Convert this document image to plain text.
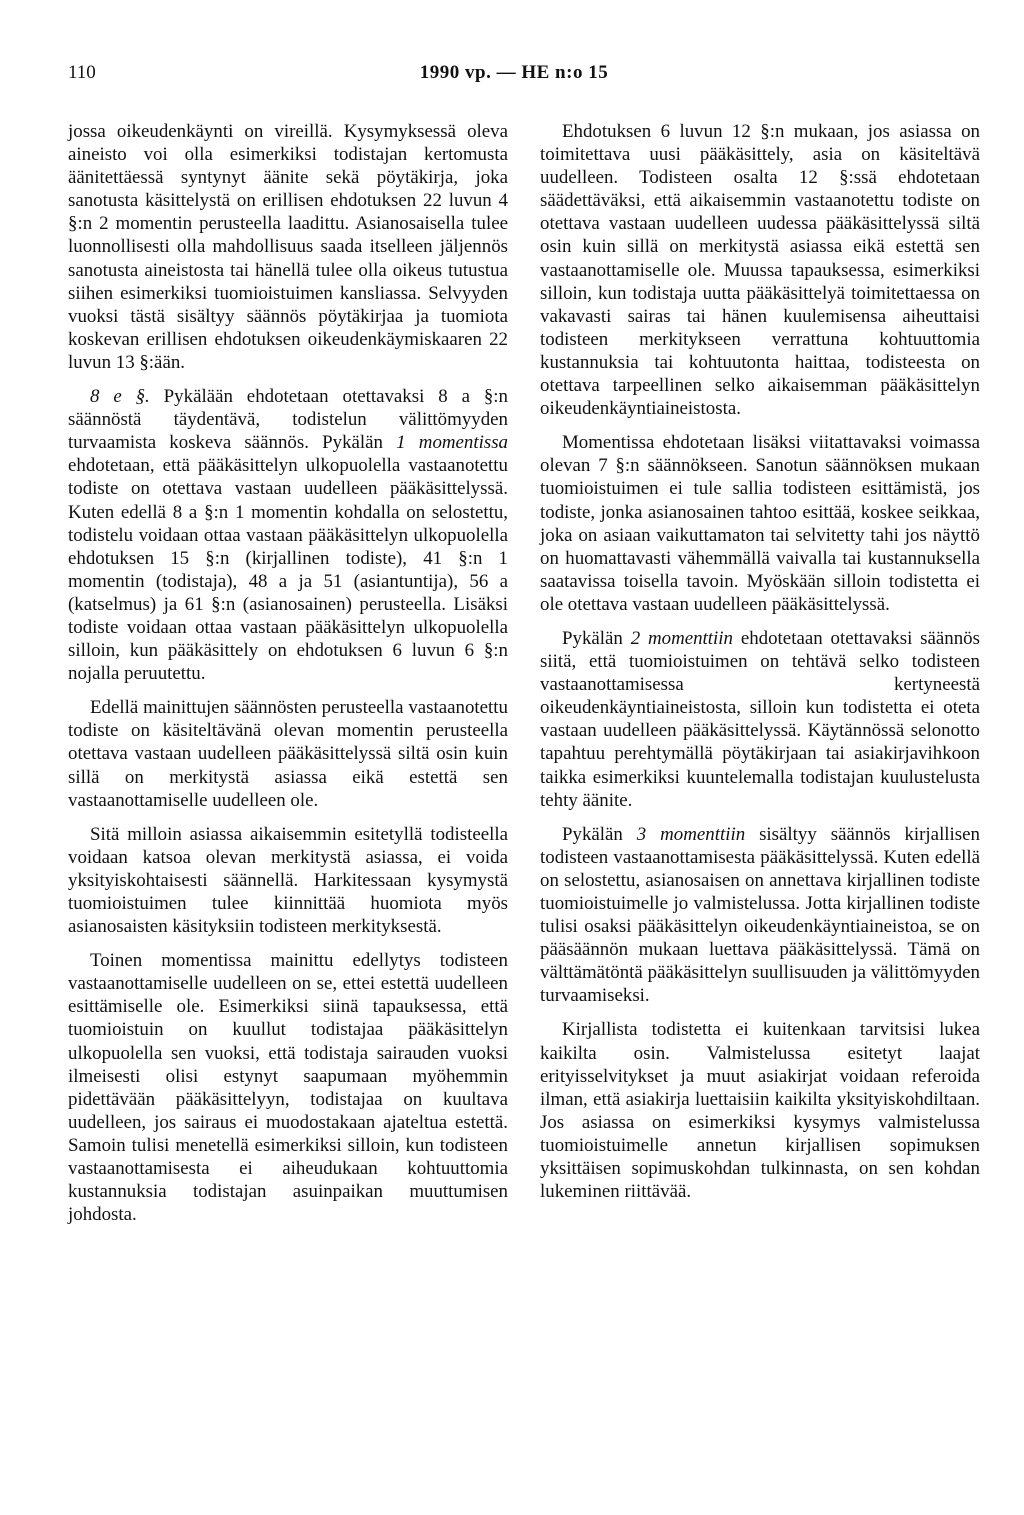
110	1990 vp. — HE n:o 15

jossa oikeudenkäynti on vireillä. Kysymyksessä oleva aineisto voi olla esimerkiksi todistajan kertomusta äänitettäessä syntynyt äänite sekä pöytäkirja, joka sanotusta käsittelystä on erillisen ehdotuksen 22 luvun 4 §:n 2 momentin perusteella laadittu. Asianosaisella tulee luonnollisesti olla mahdollisuus saada itselleen jäljennös sanotusta aineistosta tai hänellä tulee olla oikeus tutustua siihen esimerkiksi tuomioistuimen kansliassa. Selvyyden vuoksi tästä sisältyy säännös pöytäkirjaa ja tuomiota koskevan erillisen ehdotuksen oikeudenkäymiskaaren 22 luvun 13 §:ään.

8 e §. Pykälään ehdotetaan otettavaksi 8 a §:n säännöstä täydentävä, todistelun välittömyyden turvaamista koskeva säännös. Pykälän 1 momentissa ehdotetaan, että pääkäsittelyn ulkopuolella vastaanotettu todiste on otettava vastaan uudelleen pääkäsittelyssä. Kuten edellä 8 a §:n 1 momentin kohdalla on selostettu, todistelu voidaan ottaa vastaan pääkäsittelyn ulkopuolella ehdotuksen 15 §:n (kirjallinen todiste), 41 §:n 1 momentin (todistaja), 48 a ja 51 (asiantuntija), 56 a (katselmus) ja 61 §:n (asianosainen) perusteella. Lisäksi todiste voidaan ottaa vastaan pääkäsittelyn ulkopuolella silloin, kun pääkäsittely on ehdotuksen 6 luvun 6 §:n nojalla peruutettu.

Edellä mainittujen säännösten perusteella vastaanotettu todiste on käsiteltävänä olevan momentin perusteella otettava vastaan uudelleen pääkäsittelyssä siltä osin kuin sillä on merkitystä asiassa eikä estettä sen vastaanottamiselle uudelleen ole.

Sitä milloin asiassa aikaisemmin esitetyllä todisteella voidaan katsoa olevan merkitystä asiassa, ei voida yksityiskohtaisesti säännellä. Harkitessaan kysymystä tuomioistuimen tulee kiinnittää huomiota myös asianosaisten käsityksiin todisteen merkityksestä.

Toinen momentissa mainittu edellytys todisteen vastaanottamiselle uudelleen on se, ettei estettä uudelleen esittämiselle ole. Esimerkiksi siinä tapauksessa, että tuomioistuin on kuullut todistajaa pääkäsittelyn ulkopuolella sen vuoksi, että todistaja sairauden vuoksi ilmeisesti olisi estynyt saapumaan myöhemmin pidettävään pääkäsittelyyn, todistajaa on kuultava uudelleen, jos sairaus ei muodostakaan ajateltua estettä. Samoin tulisi menetellä esimerkiksi silloin, kun todisteen vastaanottamisesta ei aiheudukaan kohtuuttomia kustannuksia todistajan asuinpaikan muuttumisen johdosta.

Ehdotuksen 6 luvun 12 §:n mukaan, jos asiassa on toimitettava uusi pääkäsittely, asia on käsiteltävä uudelleen. Todisteen osalta 12 §:ssä ehdotetaan säädettäväksi, että aikaisemmin vastaanotettu todiste on otettava vastaan uudelleen uudessa pääkäsittelyssä siltä osin kuin sillä on merkitystä asiassa eikä estettä sen vastaanottamiselle ole. Muussa tapauksessa, esimerkiksi silloin, kun todistaja uutta pääkäsittelyä toimitettaessa on vakavasti sairas tai hänen kuulemisensa aiheuttaisi todisteen merkitykseen verrattuna kohtuuttomia kustannuksia tai kohtuutonta haittaa, todisteesta on otettava tarpeellinen selko aikaisemman pääkäsittelyn oikeudenkäyntiaineistosta.

Momentissa ehdotetaan lisäksi viitattavaksi voimassa olevan 7 §:n säännökseen. Sanotun säännöksen mukaan tuomioistuimen ei tule sallia todisteen esittämistä, jos todiste, jonka asianosainen tahtoo esittää, koskee seikkaa, joka on asiaan vaikuttamaton tai selvitetty tahi jos näyttö on huomattavasti vähemmällä vaivalla tai kustannuksella saatavissa toisella tavoin. Myöskään silloin todistetta ei ole otettava vastaan uudelleen pääkäsittelyssä.

Pykälän 2 momenttiin ehdotetaan otettavaksi säännös siitä, että tuomioistuimen on tehtävä selko todisteen vastaanottamisessa kertyneestä oikeudenkäyntiaineistosta, silloin kun todistetta ei oteta vastaan uudelleen pääkäsittelyssä. Käytännössä selonotto tapahtuu perehtymällä pöytäkirjaan tai asiakirjavihkoon taikka esimerkiksi kuuntelemalla todistajan kuulustelusta tehty äänite.

Pykälän 3 momenttiin sisältyy säännös kirjallisen todisteen vastaanottamisesta pääkäsittelyssä. Kuten edellä on selostettu, asianosaisen on annettava kirjallinen todiste tuomioistuimelle jo valmistelussa. Jotta kirjallinen todiste tulisi osaksi pääkäsittelyn oikeudenkäyntiaineistoa, se on pääsäännön mukaan luettava pääkäsittelyssä. Tämä on välttämätöntä pääkäsittelyn suullisuuden ja välittömyyden turvaamiseksi.

Kirjallista todistetta ei kuitenkaan tarvitsisi lukea kaikilta osin. Valmistelussa esitetyt laajat erityisselvitykset ja muut asiakirjat voidaan referoida ilman, että asiakirja luettaisiin kaikilta yksityiskohdiltaan. Jos asiassa on esimerkiksi kysymys valmistelussa tuomioistuimelle annetun kirjallisen sopimuksen yksittäisen sopimuskohdan tulkinnasta, on sen kohdan lukeminen riittävää.
